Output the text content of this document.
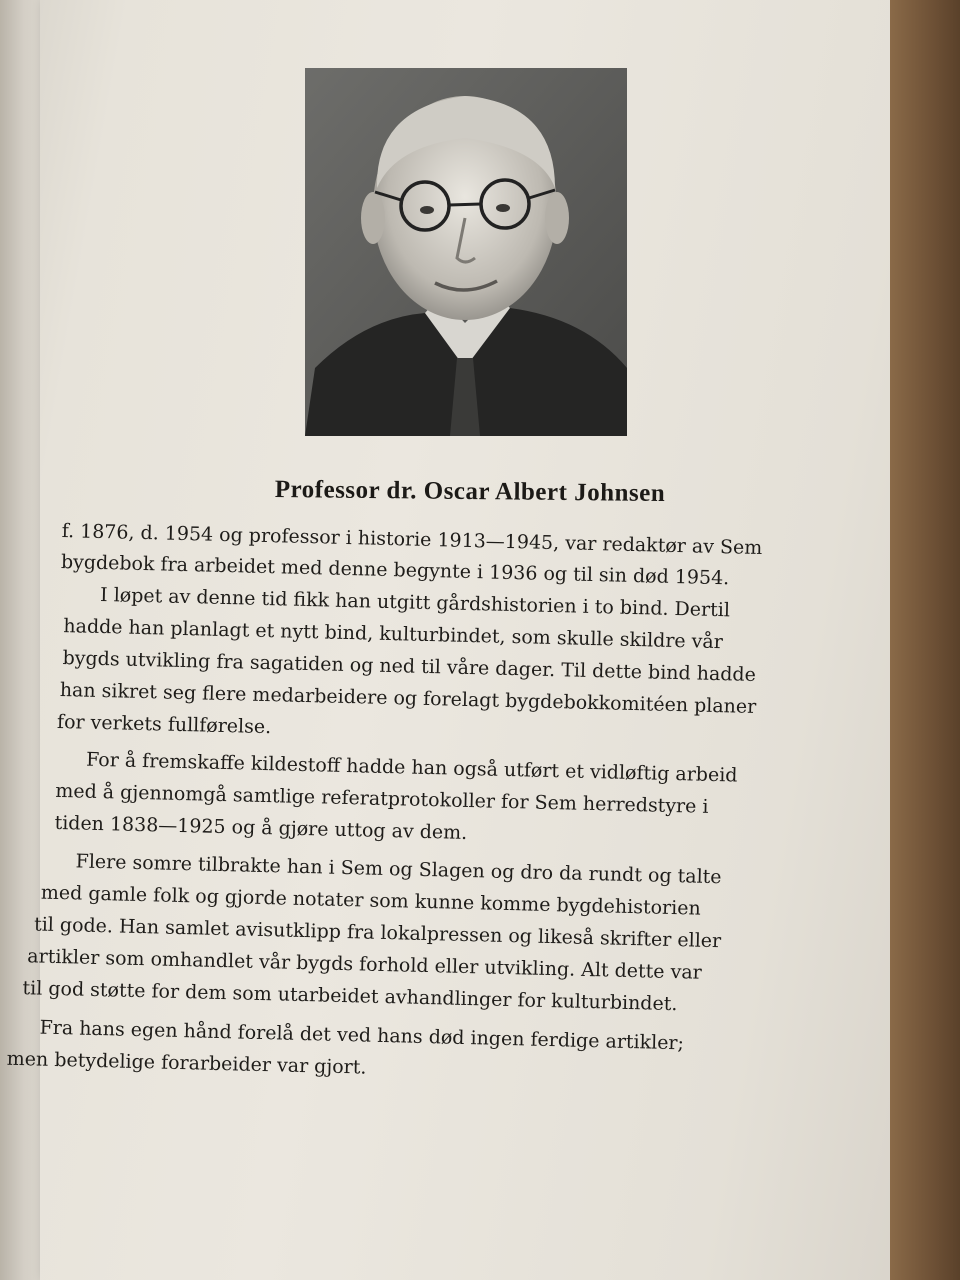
Professor dr. Oscar Albert Johnsen
f. 1876, d. 1954 og professor i historie 1913—1945, var redaktør av Sem
bygdebok fra arbeidet med denne begynte i 1936 og til sin død 1954.
I løpet av denne tid fikk han utgitt gårdshistorien i to bind. Dertil
hadde han planlagt et nytt bind, kulturbindet, som skulle skildre vår
bygds utvikling fra sagatiden og ned til våre dager. Til dette bind hadde
han sikret seg flere medarbeidere og forelagt bygdebokkomitéen planer
for verkets fullførelse.
For å fremskaffe kildestoff hadde han også utført et vidløftig arbeid
med å gjennomgå samtlige referatprotokoller for Sem herredstyre i
tiden 1838—1925 og å gjøre uttog av dem.
Flere somre tilbrakte han i Sem og Slagen og dro da rundt og talte
med gamle folk og gjorde notater som kunne komme bygdehistorien
til gode. Han samlet avisutklipp fra lokalpressen og likeså skrifter eller
artikler som omhandlet vår bygds forhold eller utvikling. Alt dette var
til god støtte for dem som utarbeidet avhandlinger for kulturbindet.
Fra hans egen hånd forelå det ved hans død ingen ferdige artikler;
men betydelige forarbeider var gjort.
